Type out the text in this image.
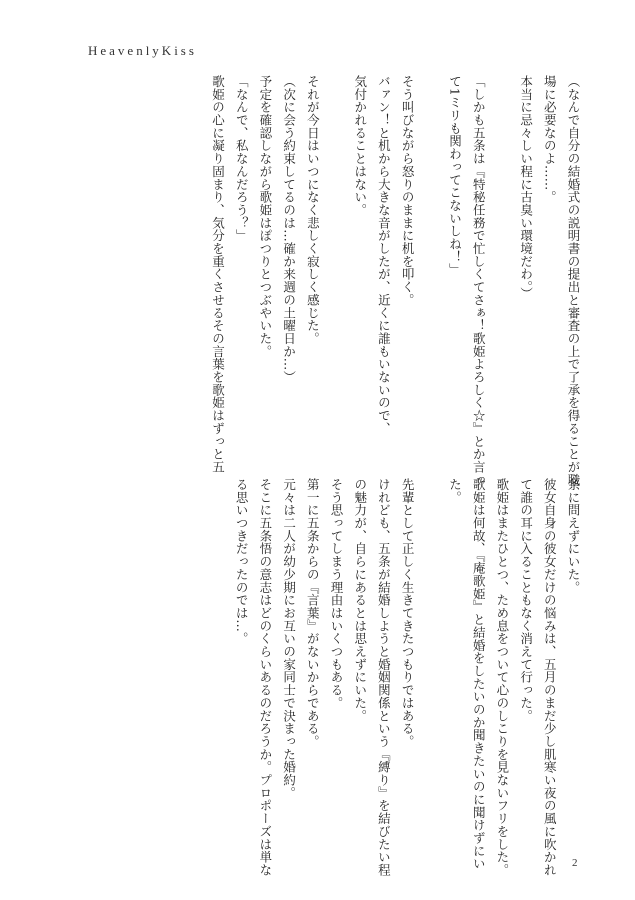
HeavenlyKiss

（なんで自分の結婚式の説明書の提出と審査の上で了承を得ることが職

場に必要なのよ……。

本当に忌々しい程に古臭い環境だわ。）

「しかも五条は『特秘任務で忙しくてさぁ！歌姫よろしく☆』とか言っ

て1ミリも関わってこないしね！」

そう叫びながら怒りのままに机を叩く。

バァン！と机から大きな音がしたが、近くに誰もいないので、

気付かれることはない。

それが今日はいつになく悲しく寂しく感じた。

（次に会う約束してるのは…確か来週の土曜日か…）

予定を確認しながら歌姫はぽつりとつぶやいた。

「なんで、私なんだろう？」

歌姫の心に凝り固まり、気分を重くさせるその言葉を歌姫はずっと五

条に問えずにいた。

彼女自身の彼女だけの悩みは、五月のまだ少し肌寒い夜の風に吹かれ

て誰の耳に入ることもなく消えて行った。

歌姫はまたひとつ、ため息をついて心のしこりを見ないフリをした。

歌姫は何故、『庵歌姫』と結婚をしたいのか聞きたいのに聞けずにい

た。

先輩として正しく生きてきたつもりではある。

けれども、五条が結婚しようと婚姻関係という『縛り』を結びたい程

の魅力が、自らにあるとは思えずにいた。

そう思ってしまう理由はいくつもある。

第一に五条からの『言葉』がないからである。

元々は二人が幼少期にお互いの家同士で決まった婚約。

そこに五条悟の意志はどのくらいあるのだろうか。プロポーズは単な

る思いつきだったのでは…。

2
